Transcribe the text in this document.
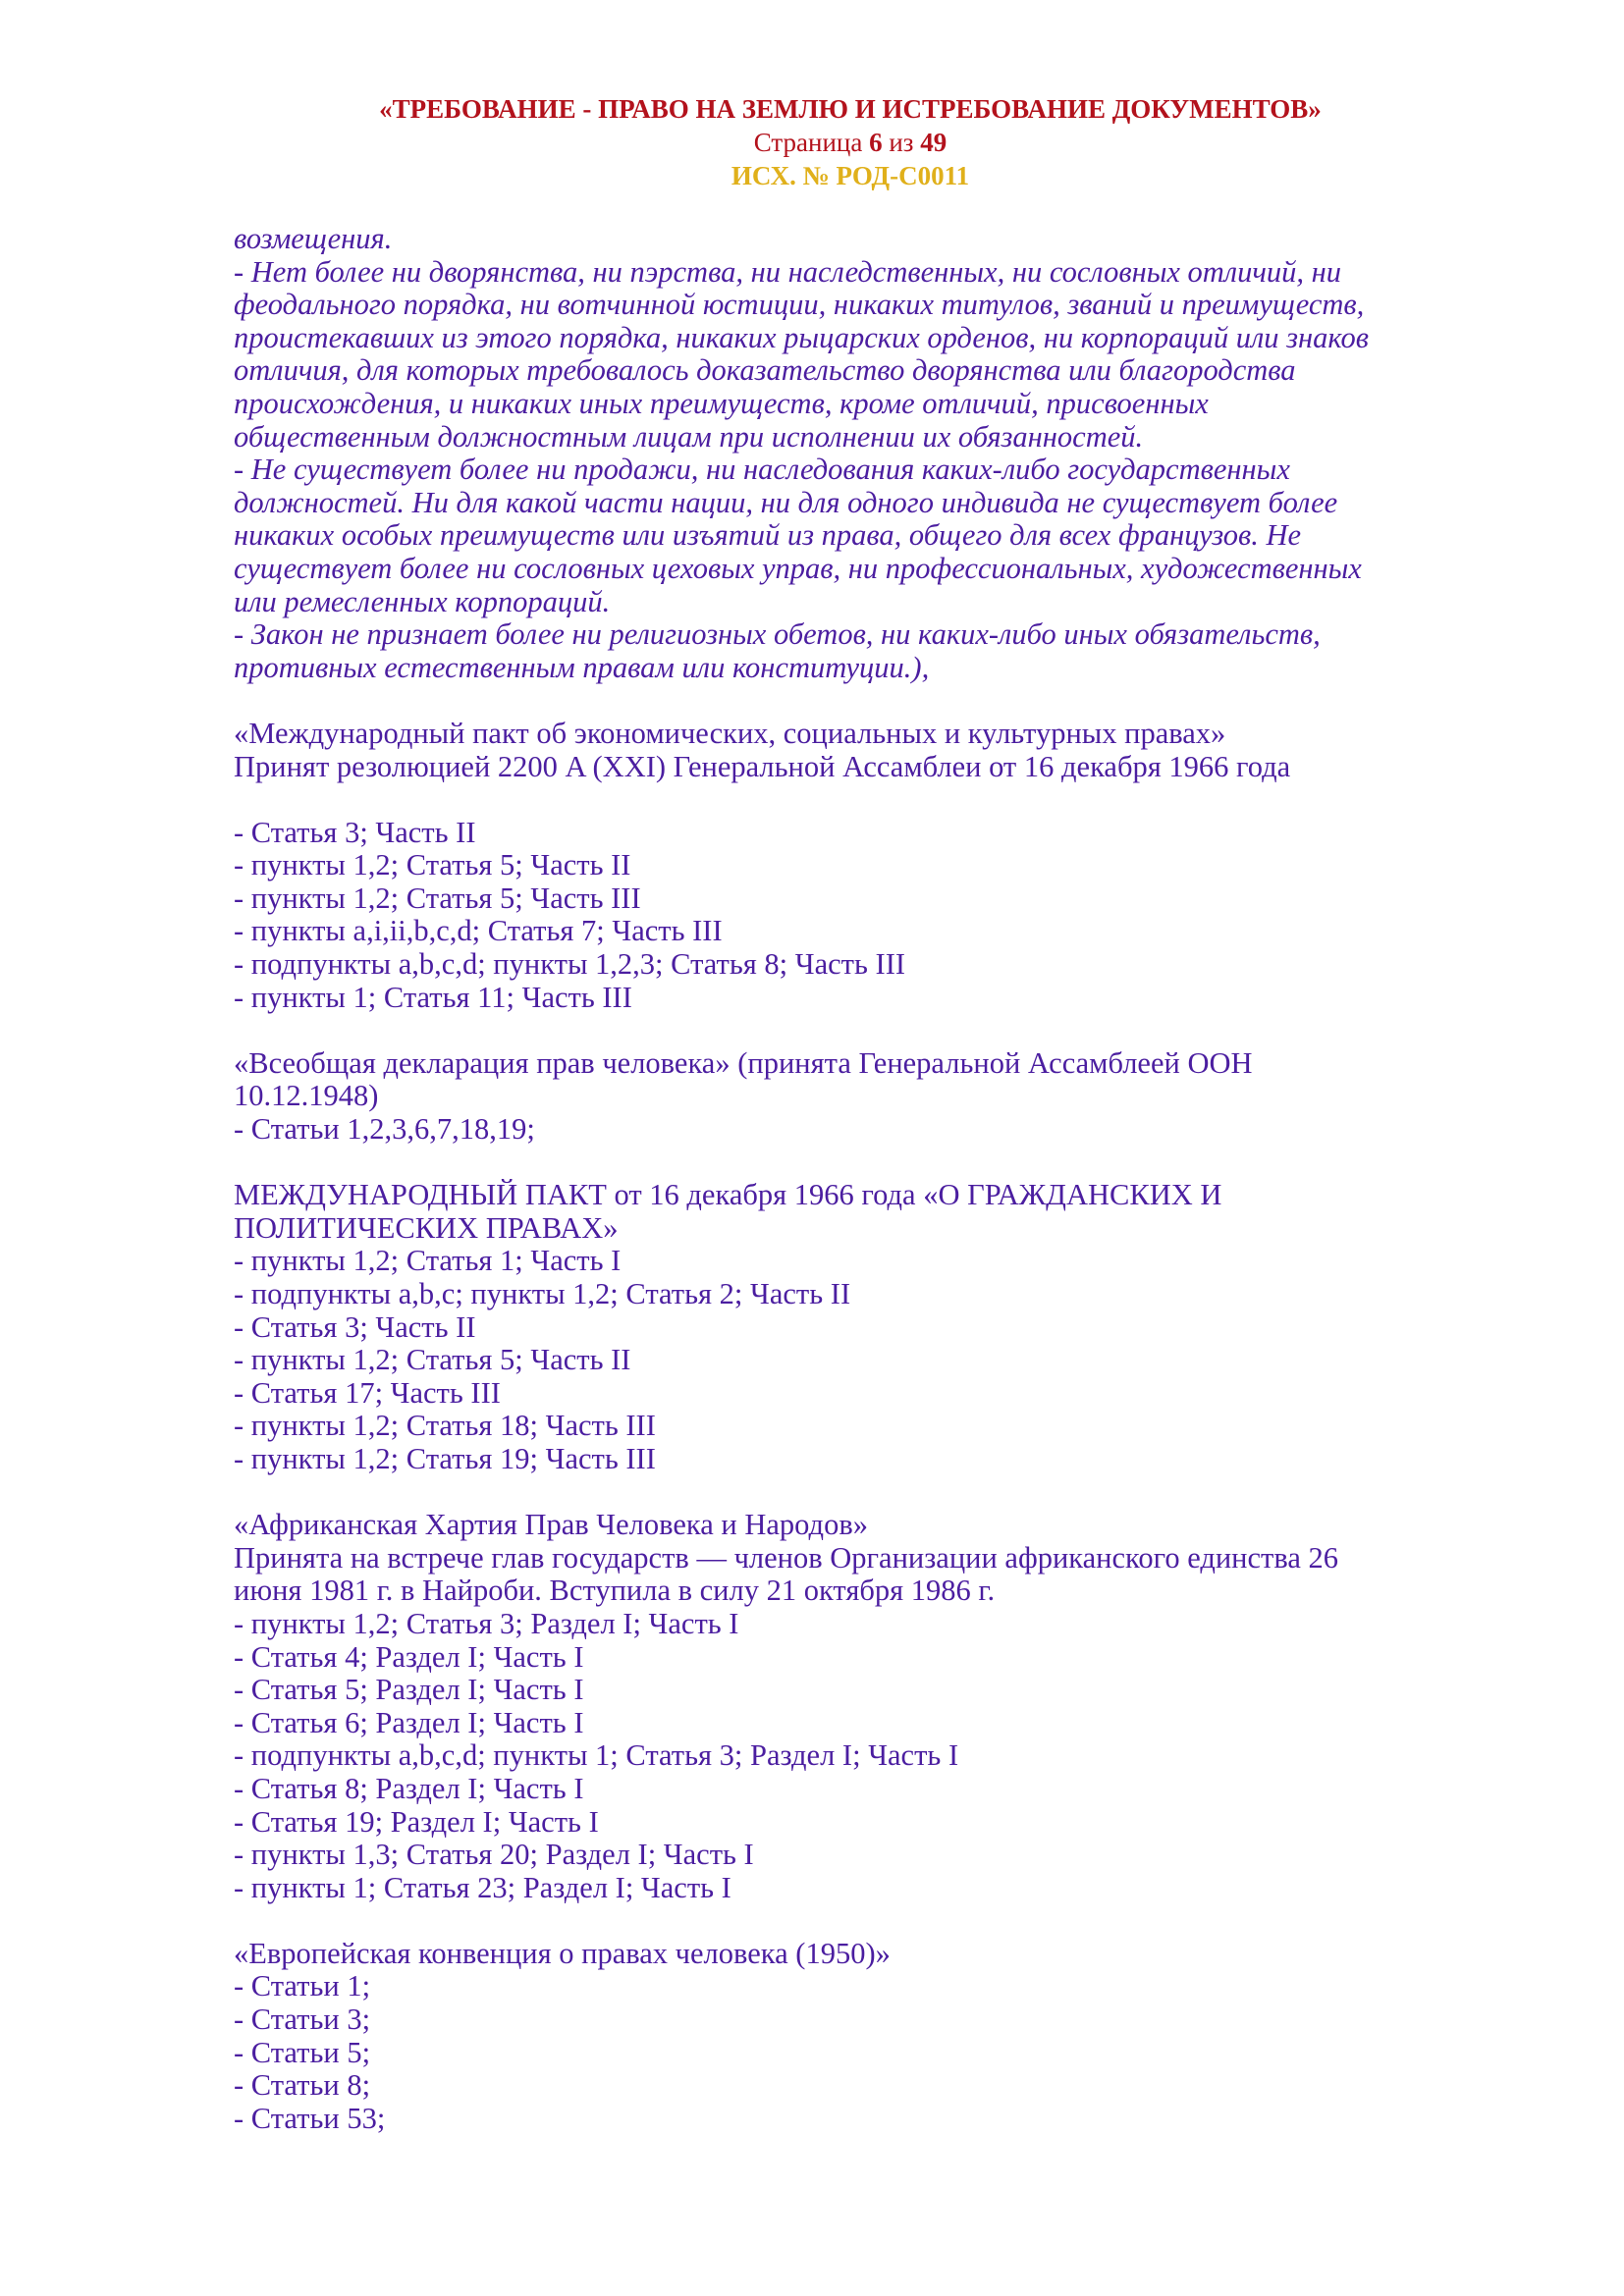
«ТРЕБОВАНИЕ - ПРАВО НА ЗЕМЛЮ И ИСТРЕБОВАНИЕ ДОКУМЕНТОВ»
Страница 6 из 49
ИСХ. № РОД-С0011
возмещения.
- Нет более ни дворянства, ни пэрства, ни наследственных, ни сословных отличий, ни
феодального порядка, ни вотчинной юстиции, никаких титулов, званий и преимуществ,
проистекавших из этого порядка, никаких рыцарских орденов, ни корпораций или знаков
отличия, для которых требовалось доказательство дворянства или благородства
происхождения, и никаких иных преимуществ, кроме отличий, присвоенных
общественным должностным лицам при исполнении их обязанностей.
- Не существует более ни продажи, ни наследования каких-либо государственных
должностей. Ни для какой части нации, ни для одного индивида не существует более
никаких особых преимуществ или изъятий из права, общего для всех французов. Не
существует более ни сословных цеховых управ, ни профессиональных, художественных
или ремесленных корпораций.
- Закон не признает более ни религиозных обетов, ни каких-либо иных обязательств,
противных естественным правам или конституции.),
«Международный пакт об экономических, социальных и культурных правах»
Принят резолюцией 2200 A (XXI) Генеральной Ассамблеи от 16 декабря 1966 года
- Статья 3; Часть II
- пункты 1,2; Статья 5; Часть II
- пункты 1,2; Статья 5; Часть III
- пункты a,i,ii,b,c,d; Статья 7; Часть III
- подпункты a,b,c,d; пункты 1,2,3; Статья 8; Часть III
- пункты 1; Статья 11; Часть III
«Всеобщая декларация прав человека» (принята Генеральной Ассамблеей ООН
10.12.1948)
- Статьи 1,2,3,6,7,18,19;
МЕЖДУНАРОДНЫЙ ПАКТ от 16 декабря 1966 года «О ГРАЖДАНСКИХ И
ПОЛИТИЧЕСКИХ ПРАВАХ»
- пункты 1,2; Статья 1; Часть I
- подпункты a,b,c; пункты 1,2; Статья 2; Часть II
- Статья 3; Часть II
- пункты 1,2; Статья 5; Часть II
- Статья 17; Часть III
- пункты 1,2; Статья 18; Часть III
- пункты 1,2; Статья 19; Часть III
«Африканская Хартия Прав Человека и Народов»
Принята на встрече глав государств — членов Организации африканского единства 26
июня 1981 г. в Найроби. Вступила в силу 21 октября 1986 г.
- пункты 1,2; Статья 3; Раздел I; Часть I
- Статья 4; Раздел I; Часть I
- Статья 5; Раздел I; Часть I
- Статья 6; Раздел I; Часть I
- подпункты a,b,c,d; пункты 1; Статья 3; Раздел I; Часть I
- Статья 8; Раздел I; Часть I
- Статья 19; Раздел I; Часть I
- пункты 1,3; Статья 20; Раздел I; Часть I
- пункты 1; Статья 23; Раздел I; Часть I
«Европейская конвенция о правах человека (1950)»
- Статьи 1;
- Статьи 3;
- Статьи 5;
- Статьи 8;
- Статьи 53;
